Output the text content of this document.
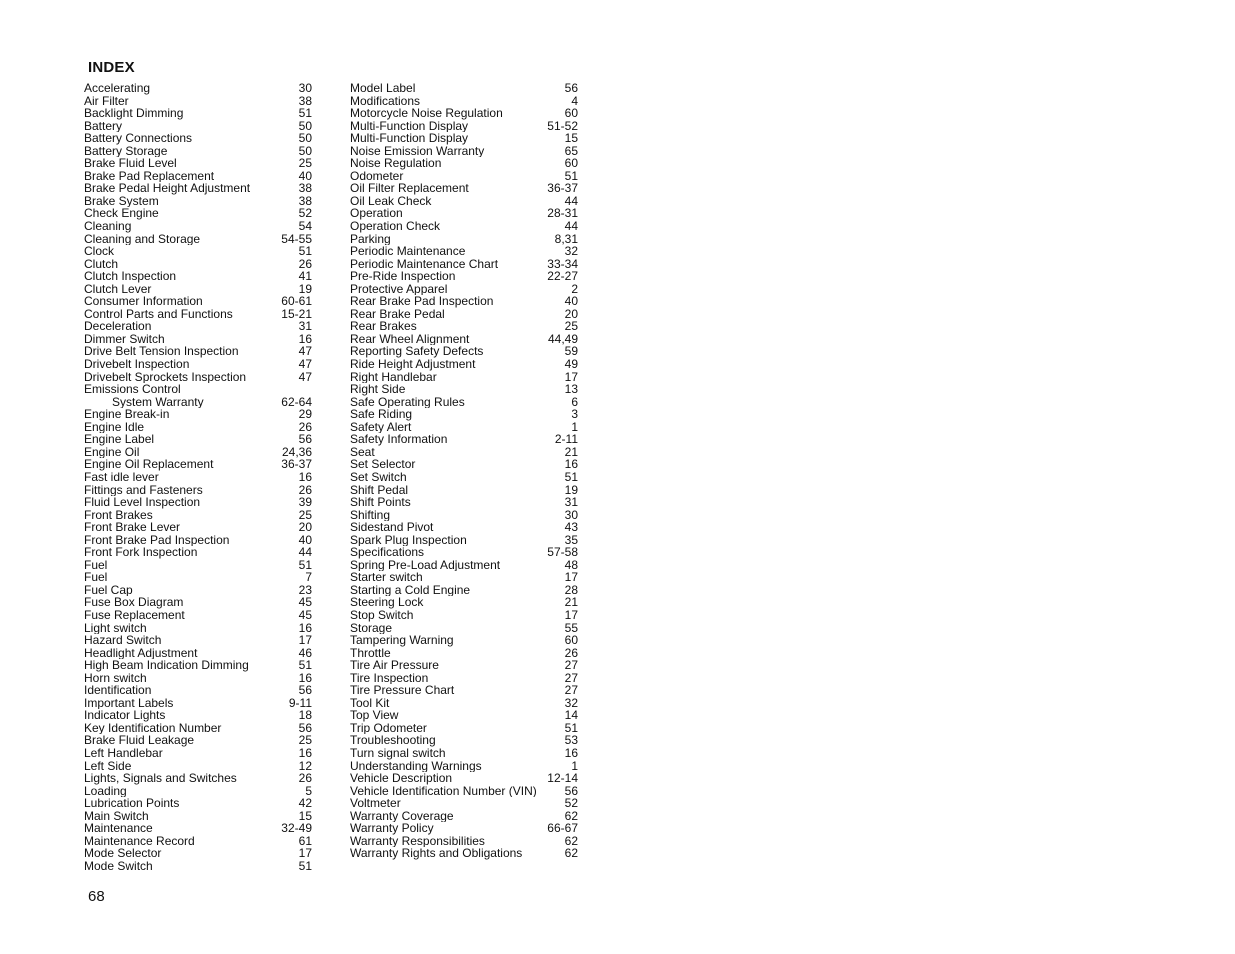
INDEX
Accelerating	30
Air Filter	38
Backlight Dimming	51
Battery	50
Battery Connections	50
Battery Storage	50
Brake Fluid Level	25
Brake Pad Replacement	40
Brake Pedal Height Adjustment	38
Brake System	38
Check Engine	52
Cleaning	54
Cleaning and Storage	54-55
Clock	51
Clutch	26
Clutch Inspection	41
Clutch Lever	19
Consumer Information	60-61
Control Parts and Functions	15-21
Deceleration	31
Dimmer Switch	16
Drive Belt Tension Inspection	47
Drivebelt Inspection	47
Drivebelt Sprockets Inspection	47
Emissions Control
System Warranty	62-64
Engine Break-in	29
Engine Idle	26
Engine Label	56
Engine Oil	24,36
Engine Oil Replacement	36-37
Fast idle lever	16
Fittings and Fasteners	26
Fluid Level Inspection	39
Front Brakes	25
Front Brake Lever	20
Front Brake Pad Inspection	40
Front Fork Inspection	44
Fuel	51
Fuel	7
Fuel Cap	23
Fuse Box Diagram	45
Fuse Replacement	45
Light switch	16
Hazard Switch	17
Headlight Adjustment	46
High Beam Indication Dimming	51
Horn switch	16
Identification	56
Important Labels	9-11
Indicator Lights	18
Key Identification Number	56
Brake Fluid Leakage	25
Left Handlebar	16
Left Side	12
Lights, Signals and Switches	26
Loading	5
Lubrication Points	42
Main Switch	15
Maintenance	32-49
Maintenance Record	61
Mode Selector	17
Mode Switch	51
Model Label	56
Modifications	4
Motorcycle Noise Regulation	60
Multi-Function Display	51-52
Multi-Function Display	15
Noise Emission Warranty	65
Noise Regulation	60
Odometer	51
Oil Filter Replacement	36-37
Oil Leak Check	44
Operation	28-31
Operation Check	44
Parking	8,31
Periodic Maintenance	32
Periodic Maintenance Chart	33-34
Pre-Ride Inspection	22-27
Protective Apparel	2
Rear Brake Pad Inspection	40
Rear Brake Pedal	20
Rear Brakes	25
Rear Wheel Alignment	44,49
Reporting Safety Defects	59
Ride Height Adjustment	49
Right Handlebar	17
Right Side	13
Safe Operating Rules	6
Safe Riding	3
Safety Alert	1
Safety Information	2-11
Seat	21
Set Selector	16
Set Switch	51
Shift Pedal	19
Shift Points	31
Shifting	30
Sidestand Pivot	43
Spark Plug Inspection	35
Specifications	57-58
Spring Pre-Load Adjustment	48
Starter switch	17
Starting a Cold Engine	28
Steering Lock	21
Stop Switch	17
Storage	55
Tampering Warning	60
Throttle	26
Tire Air Pressure	27
Tire Inspection	27
Tire Pressure Chart	27
Tool Kit	32
Top View	14
Trip Odometer	51
Troubleshooting	53
Turn signal switch	16
Understanding Warnings	1
Vehicle Description	12-14
Vehicle Identification Number (VIN) 56
Voltmeter	52
Warranty Coverage	62
Warranty Policy	66-67
Warranty Responsibilities	62
Warranty Rights and Obligations	62
68
